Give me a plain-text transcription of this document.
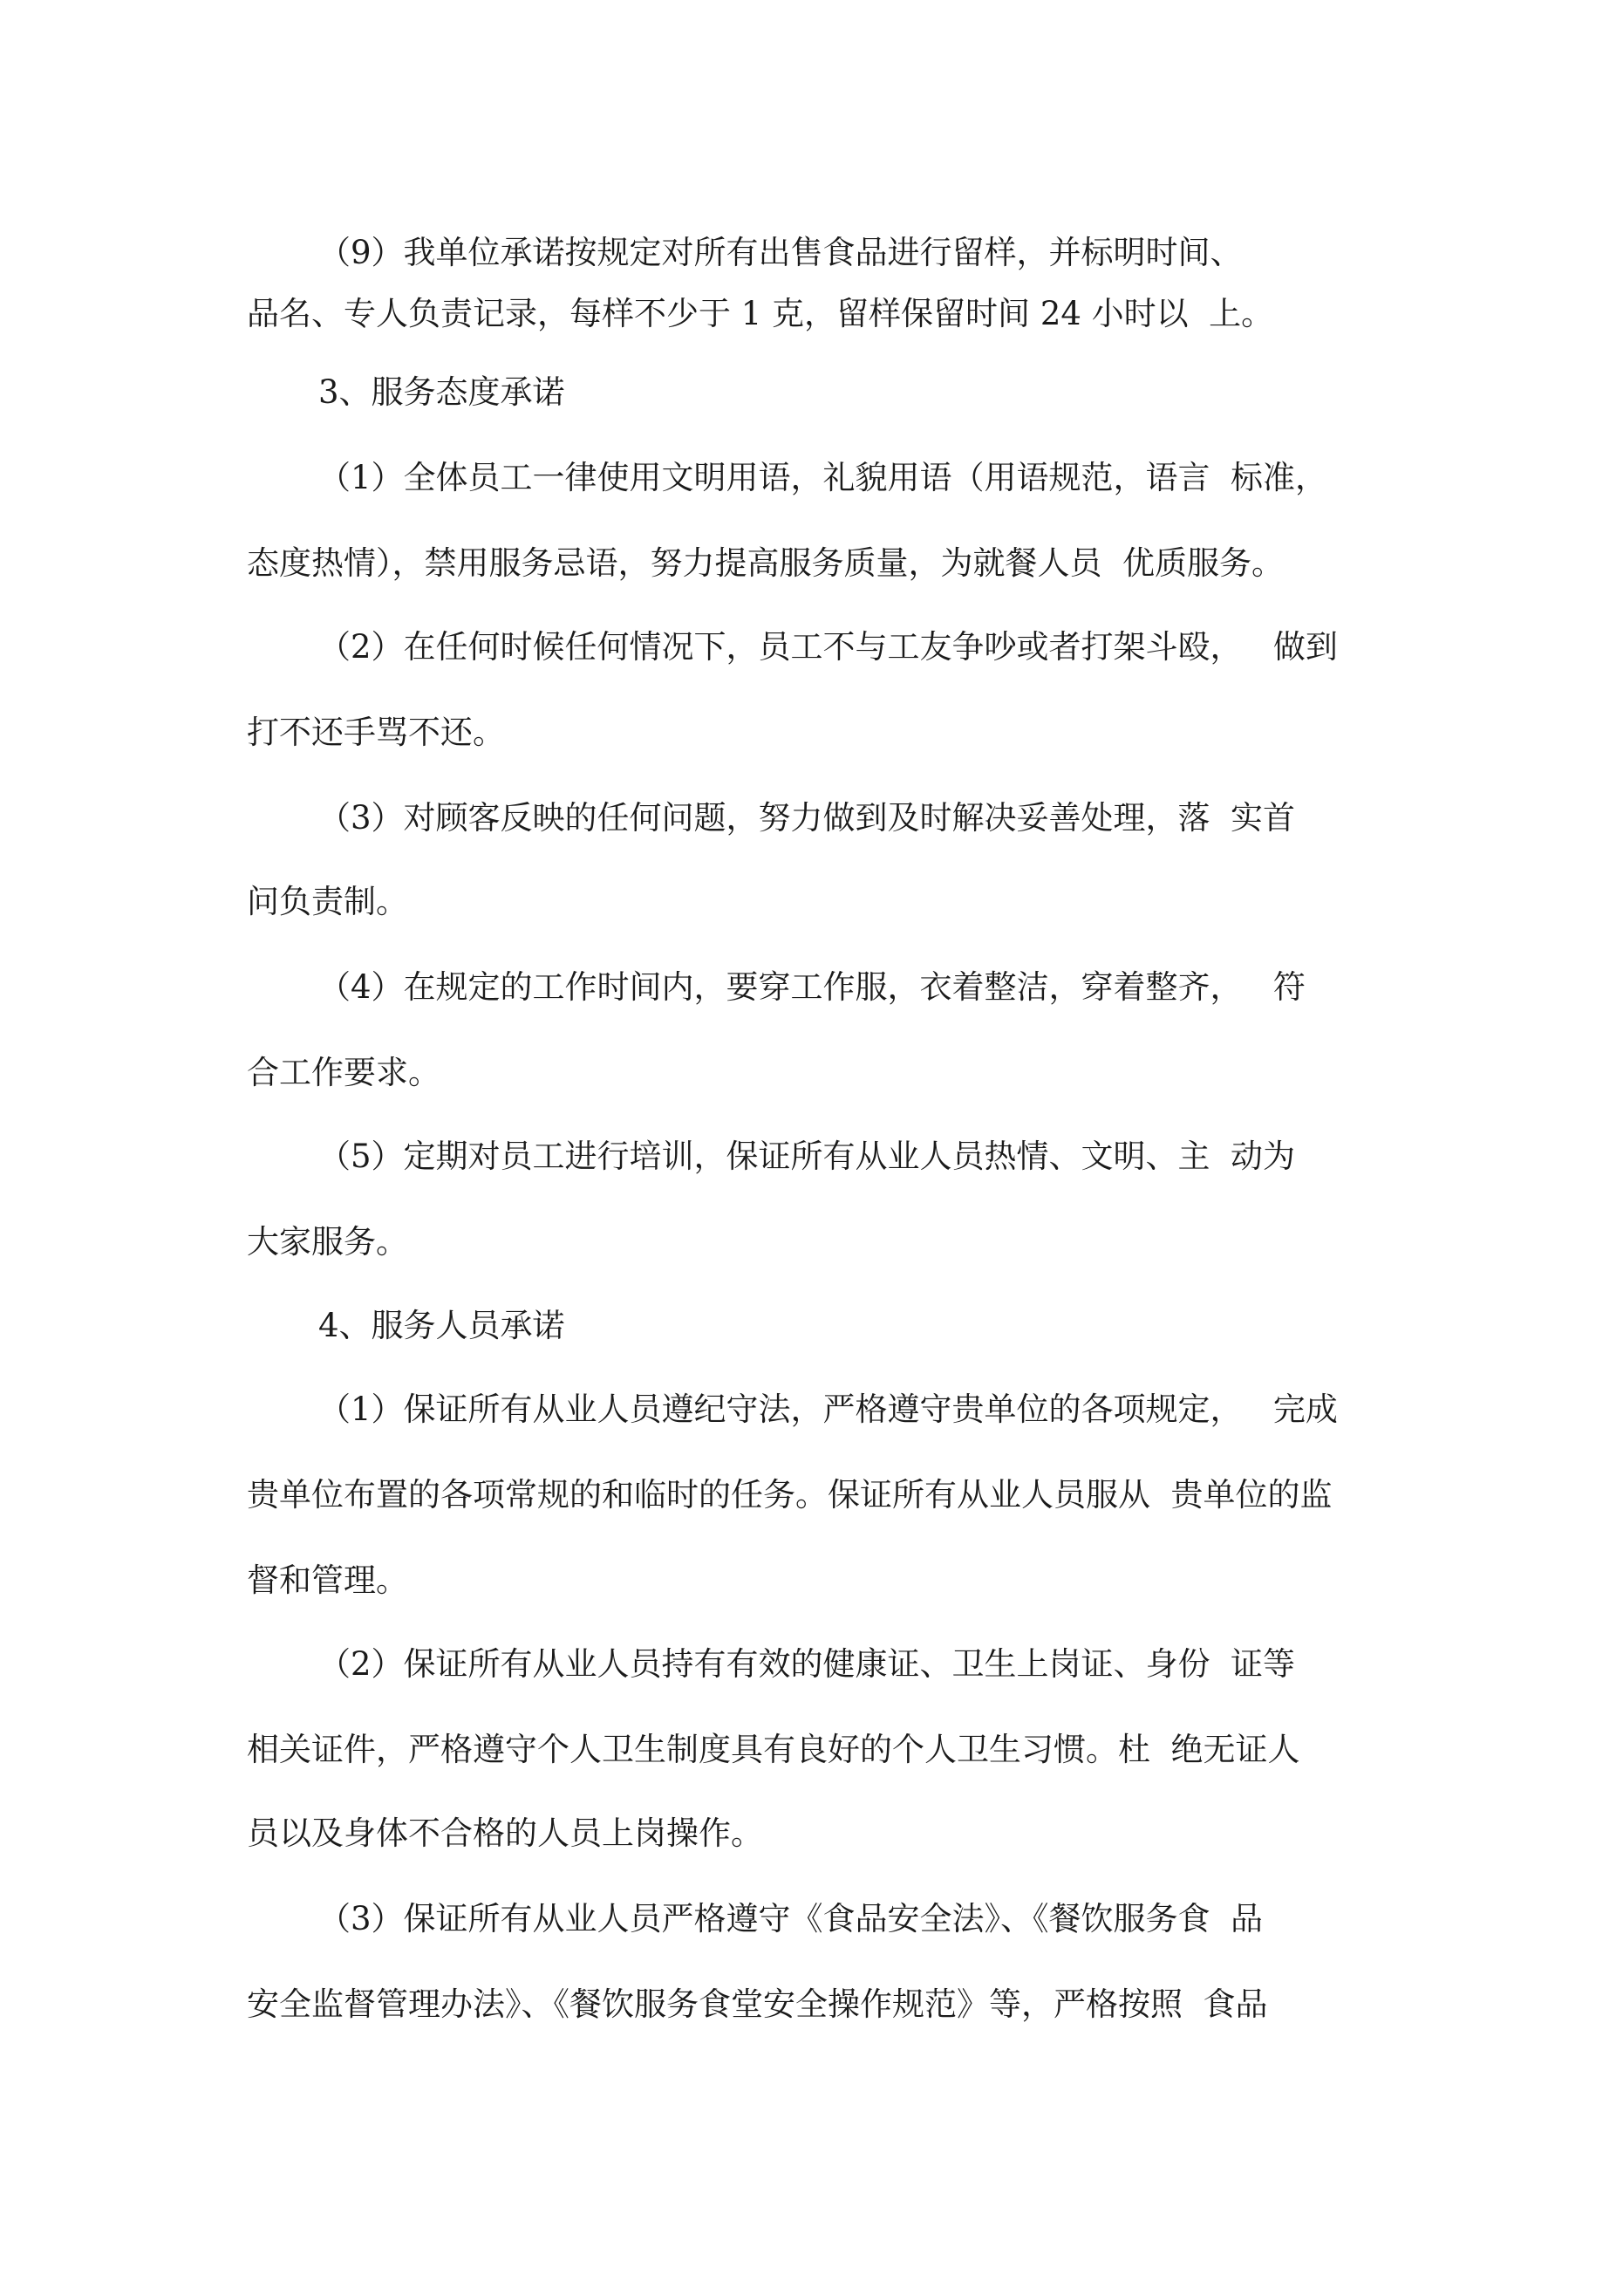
（9）我单位承诺按规定对所有出售食品进行留样，并标明时间、
品名、专人负责记录，每样不少于 1 克，留样保留时间 24 小时以  上。
3、服务态度承诺
（1）全体员工一律使用文明用语，礼貌用语（用语规范，语言  标准，
态度热情），禁用服务忌语，努力提高服务质量，为就餐人员  优质服务。
（2）在任何时候任何情况下，员工不与工友争吵或者打架斗殴，   做到
打不还手骂不还。
（3）对顾客反映的任何问题，努力做到及时解决妥善处理，落  实首
问负责制。
（4）在规定的工作时间内，要穿工作服，衣着整洁，穿着整齐，   符
合工作要求。
（5）定期对员工进行培训，保证所有从业人员热情、文明、主  动为
大家服务。
4、服务人员承诺
（1）保证所有从业人员遵纪守法，严格遵守贵单位的各项规定，   完成
贵单位布置的各项常规的和临时的任务。保证所有从业人员服从  贵单位的监
督和管理。
（2）保证所有从业人员持有有效的健康证、卫生上岗证、身份  证等
相关证件，严格遵守个人卫生制度具有良好的个人卫生习惯。杜  绝无证人
员以及身体不合格的人员上岗操作。
（3）保证所有从业人员严格遵守《食品安全法》、《餐饮服务食  品
安全监督管理办法》、《餐饮服务食堂安全操作规范》等，严格按照  食品
